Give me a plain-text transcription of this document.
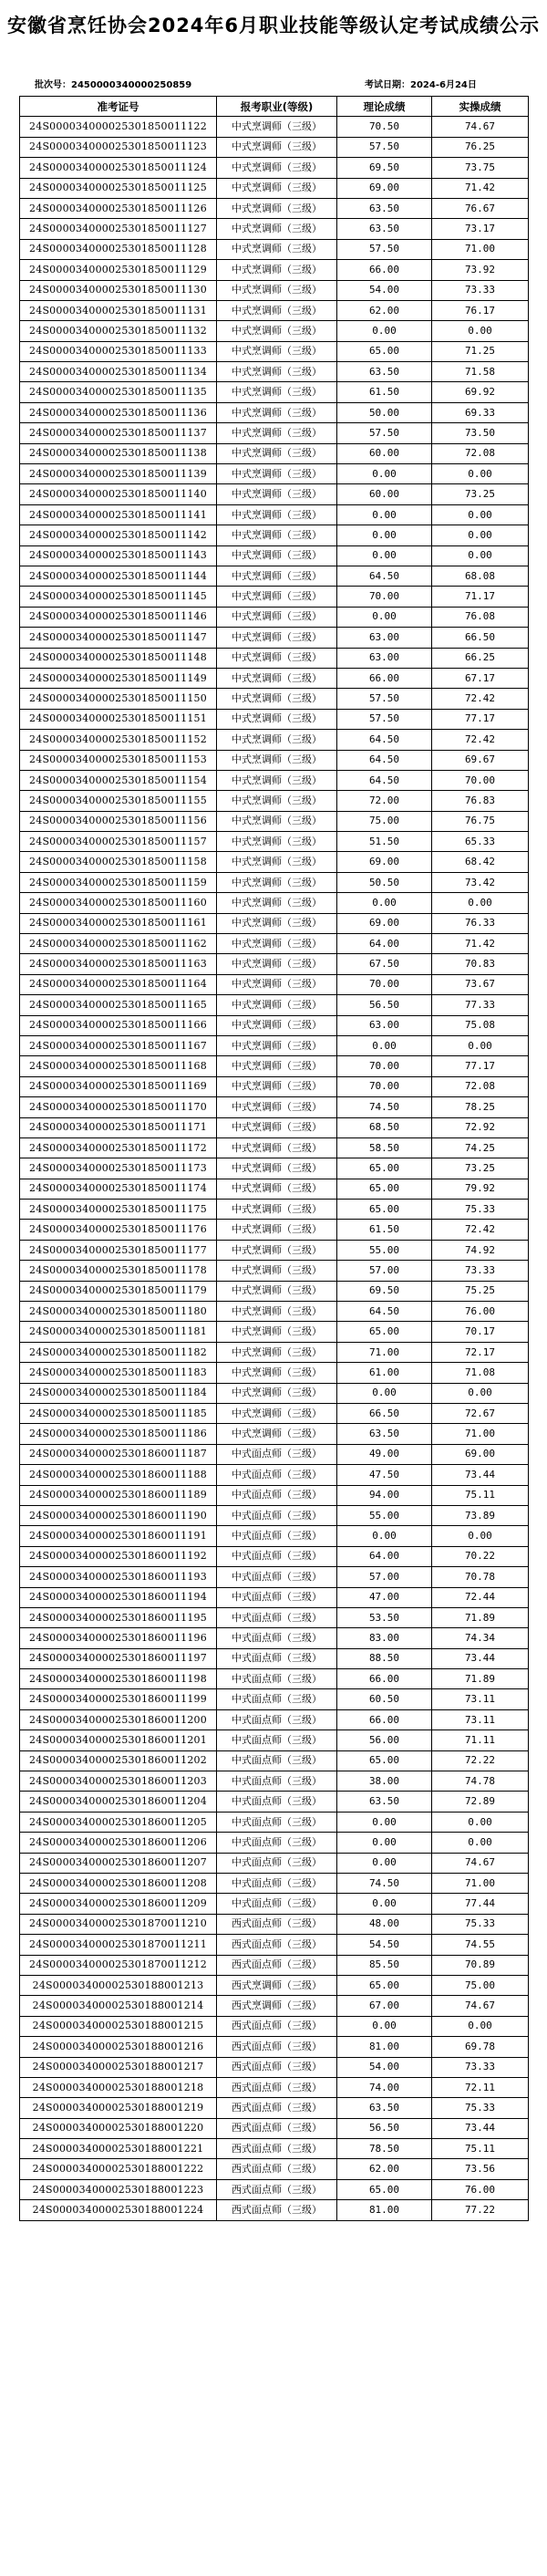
安徽省烹饪协会2024年6月职业技能等级认定考试成绩公示
批次号：2450000340000250859	考试日期：2024-6月24日
准考证号	报考职业(等级)	理论成绩	实操成绩
24S000034000025301850011122	中式烹调师（三级）	70.50	74.67
24S000034000025301850011123	中式烹调师（三级）	57.50	76.25
24S000034000025301850011124	中式烹调师（三级）	69.50	73.75
24S000034000025301850011125	中式烹调师（三级）	69.00	71.42
24S000034000025301850011126	中式烹调师（三级）	63.50	76.67
24S000034000025301850011127	中式烹调师（三级）	63.50	73.17
24S000034000025301850011128	中式烹调师（三级）	57.50	71.00
24S000034000025301850011129	中式烹调师（三级）	66.00	73.92
24S000034000025301850011130	中式烹调师（三级）	54.00	73.33
24S000034000025301850011131	中式烹调师（三级）	62.00	76.17
24S000034000025301850011132	中式烹调师（三级）	0.00	0.00
24S000034000025301850011133	中式烹调师（三级）	65.00	71.25
24S000034000025301850011134	中式烹调师（三级）	63.50	71.58
24S000034000025301850011135	中式烹调师（三级）	61.50	69.92
24S000034000025301850011136	中式烹调师（三级）	50.00	69.33
24S000034000025301850011137	中式烹调师（三级）	57.50	73.50
24S000034000025301850011138	中式烹调师（三级）	60.00	72.08
24S000034000025301850011139	中式烹调师（三级）	0.00	0.00
24S000034000025301850011140	中式烹调师（三级）	60.00	73.25
24S000034000025301850011141	中式烹调师（三级）	0.00	0.00
24S000034000025301850011142	中式烹调师（三级）	0.00	0.00
24S000034000025301850011143	中式烹调师（三级）	0.00	0.00
24S000034000025301850011144	中式烹调师（三级）	64.50	68.08
24S000034000025301850011145	中式烹调师（三级）	70.00	71.17
24S000034000025301850011146	中式烹调师（三级）	0.00	76.08
24S000034000025301850011147	中式烹调师（三级）	63.00	66.50
24S000034000025301850011148	中式烹调师（三级）	63.00	66.25
24S000034000025301850011149	中式烹调师（三级）	66.00	67.17
24S000034000025301850011150	中式烹调师（三级）	57.50	72.42
24S000034000025301850011151	中式烹调师（三级）	57.50	77.17
24S000034000025301850011152	中式烹调师（三级）	64.50	72.42
24S000034000025301850011153	中式烹调师（三级）	64.50	69.67
24S000034000025301850011154	中式烹调师（三级）	64.50	70.00
24S000034000025301850011155	中式烹调师（三级）	72.00	76.83
24S000034000025301850011156	中式烹调师（三级）	75.00	76.75
24S000034000025301850011157	中式烹调师（三级）	51.50	65.33
24S000034000025301850011158	中式烹调师（三级）	69.00	68.42
24S000034000025301850011159	中式烹调师（三级）	50.50	73.42
24S000034000025301850011160	中式烹调师（三级）	0.00	0.00
24S000034000025301850011161	中式烹调师（三级）	69.00	76.33
24S000034000025301850011162	中式烹调师（三级）	64.00	71.42
24S000034000025301850011163	中式烹调师（三级）	67.50	70.83
24S000034000025301850011164	中式烹调师（三级）	70.00	73.67
24S000034000025301850011165	中式烹调师（三级）	56.50	77.33
24S000034000025301850011166	中式烹调师（三级）	63.00	75.08
24S000034000025301850011167	中式烹调师（三级）	0.00	0.00
24S000034000025301850011168	中式烹调师（三级）	70.00	77.17
24S000034000025301850011169	中式烹调师（三级）	70.00	72.08
24S000034000025301850011170	中式烹调师（三级）	74.50	78.25
24S000034000025301850011171	中式烹调师（三级）	68.50	72.92
24S000034000025301850011172	中式烹调师（三级）	58.50	74.25
24S000034000025301850011173	中式烹调师（三级）	65.00	73.25
24S000034000025301850011174	中式烹调师（三级）	65.00	79.92
24S000034000025301850011175	中式烹调师（三级）	65.00	75.33
24S000034000025301850011176	中式烹调师（三级）	61.50	72.42
24S000034000025301850011177	中式烹调师（三级）	55.00	74.92
24S000034000025301850011178	中式烹调师（三级）	57.00	73.33
24S000034000025301850011179	中式烹调师（三级）	69.50	75.25
24S000034000025301850011180	中式烹调师（三级）	64.50	76.00
24S000034000025301850011181	中式烹调师（三级）	65.00	70.17
24S000034000025301850011182	中式烹调师（三级）	71.00	72.17
24S000034000025301850011183	中式烹调师（三级）	61.00	71.08
24S000034000025301850011184	中式烹调师（三级）	0.00	0.00
24S000034000025301850011185	中式烹调师（三级）	66.50	72.67
24S000034000025301850011186	中式烹调师（三级）	63.50	71.00
24S000034000025301860011187	中式面点师（三级）	49.00	69.00
24S000034000025301860011188	中式面点师（三级）	47.50	73.44
24S000034000025301860011189	中式面点师（三级）	94.00	75.11
24S000034000025301860011190	中式面点师（三级）	55.00	73.89
24S000034000025301860011191	中式面点师（三级）	0.00	0.00
24S000034000025301860011192	中式面点师（三级）	64.00	70.22
24S000034000025301860011193	中式面点师（三级）	57.00	70.78
24S000034000025301860011194	中式面点师（三级）	47.00	72.44
24S000034000025301860011195	中式面点师（三级）	53.50	71.89
24S000034000025301860011196	中式面点师（三级）	83.00	74.34
24S000034000025301860011197	中式面点师（三级）	88.50	73.44
24S000034000025301860011198	中式面点师（三级）	66.00	71.89
24S000034000025301860011199	中式面点师（三级）	60.50	73.11
24S000034000025301860011200	中式面点师（三级）	66.00	73.11
24S000034000025301860011201	中式面点师（三级）	56.00	71.11
24S000034000025301860011202	中式面点师（三级）	65.00	72.22
24S000034000025301860011203	中式面点师（三级）	38.00	74.78
24S000034000025301860011204	中式面点师（三级）	63.50	72.89
24S000034000025301860011205	中式面点师（三级）	0.00	0.00
24S000034000025301860011206	中式面点师（三级）	0.00	0.00
24S000034000025301860011207	中式面点师（三级）	0.00	74.67
24S000034000025301860011208	中式面点师（三级）	74.50	71.00
24S000034000025301860011209	中式面点师（三级）	0.00	77.44
24S000034000025301870011210	西式面点师（三级）	48.00	75.33
24S000034000025301870011211	西式面点师（三级）	54.50	74.55
24S000034000025301870011212	西式面点师（三级）	85.50	70.89
24S00003400002530188001213	西式烹调师（三级）	65.00	75.00
24S00003400002530188001214	西式烹调师（三级）	67.00	74.67
24S00003400002530188001215	西式面点师（三级）	0.00	0.00
24S00003400002530188001216	西式面点师（三级）	81.00	69.78
24S00003400002530188001217	西式面点师（三级）	54.00	73.33
24S00003400002530188001218	西式面点师（三级）	74.00	72.11
24S00003400002530188001219	西式面点师（三级）	63.50	75.33
24S00003400002530188001220	西式面点师（三级）	56.50	73.44
24S00003400002530188001221	西式面点师（三级）	78.50	75.11
24S00003400002530188001222	西式面点师（三级）	62.00	73.56
24S00003400002530188001223	西式面点师（三级）	65.00	76.00
24S00003400002530188001224	西式面点师（三级）	81.00	77.22
